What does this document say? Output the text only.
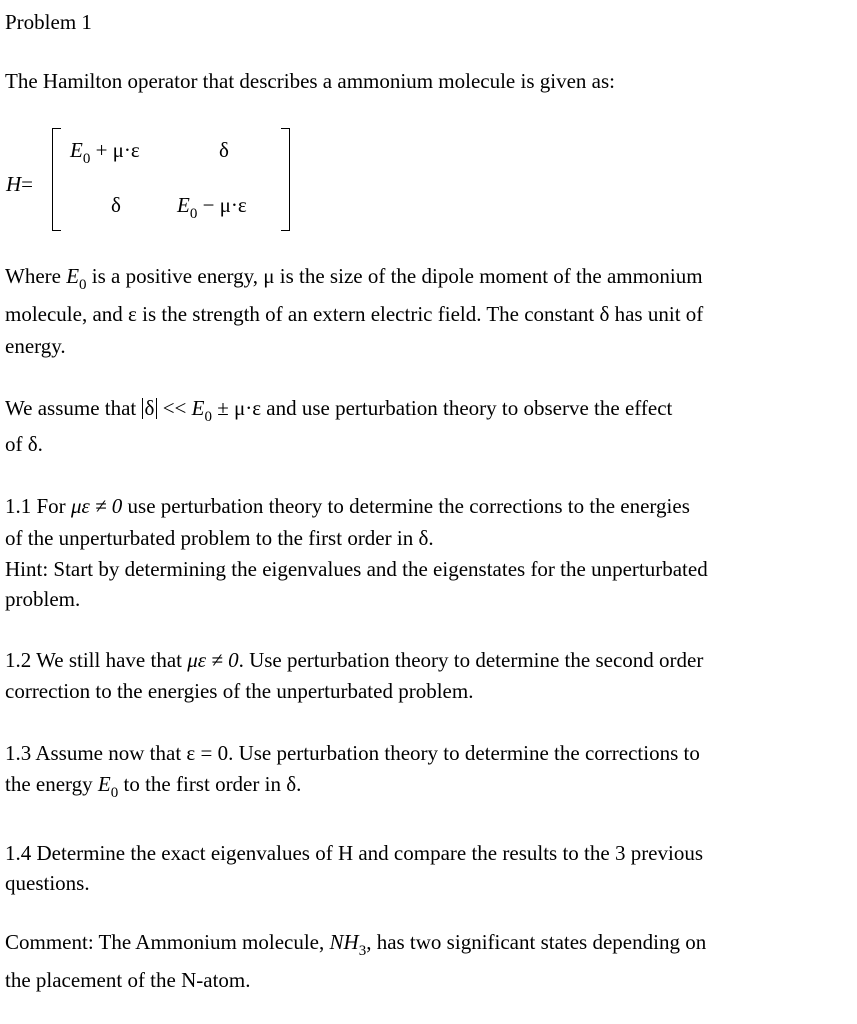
Problem 1
The Hamilton operator that describes a ammonium molecule is given as:
H=
$E_0 + \mu\cdot\varepsilon$	δ
δ	$E_0 - \mu\cdot\varepsilon$
Where $E_0$ is a positive energy, μ is the size of the dipole moment of the ammonium
molecule, and ε is the strength of an extern electric field. The constant δ has unit of
energy.
We assume that $\delta << E_0 \pm \mu\cdot\varepsilon$ and use perturbation theory to observe the effect
of δ.
1.1 For με ≠ 0 use perturbation theory to determine the corrections to the energies
of the unperturbated problem to the first order in δ.
Hint: Start by determining the eigenvalues and the eigenstates for the unperturbated
problem.
1.2 We still have that με ≠ 0. Use perturbation theory to determine the second order
correction to the energies of the unperturbated problem.
1.3 Assume now that ε = 0. Use perturbation theory to determine the corrections to
the energy $E_0$ to the first order in δ.
1.4 Determine the exact eigenvalues of H and compare the results to the 3 previous
questions.
Comment: The Ammonium molecule, $NH_3$, has two significant states depending on
the placement of the N-atom.
